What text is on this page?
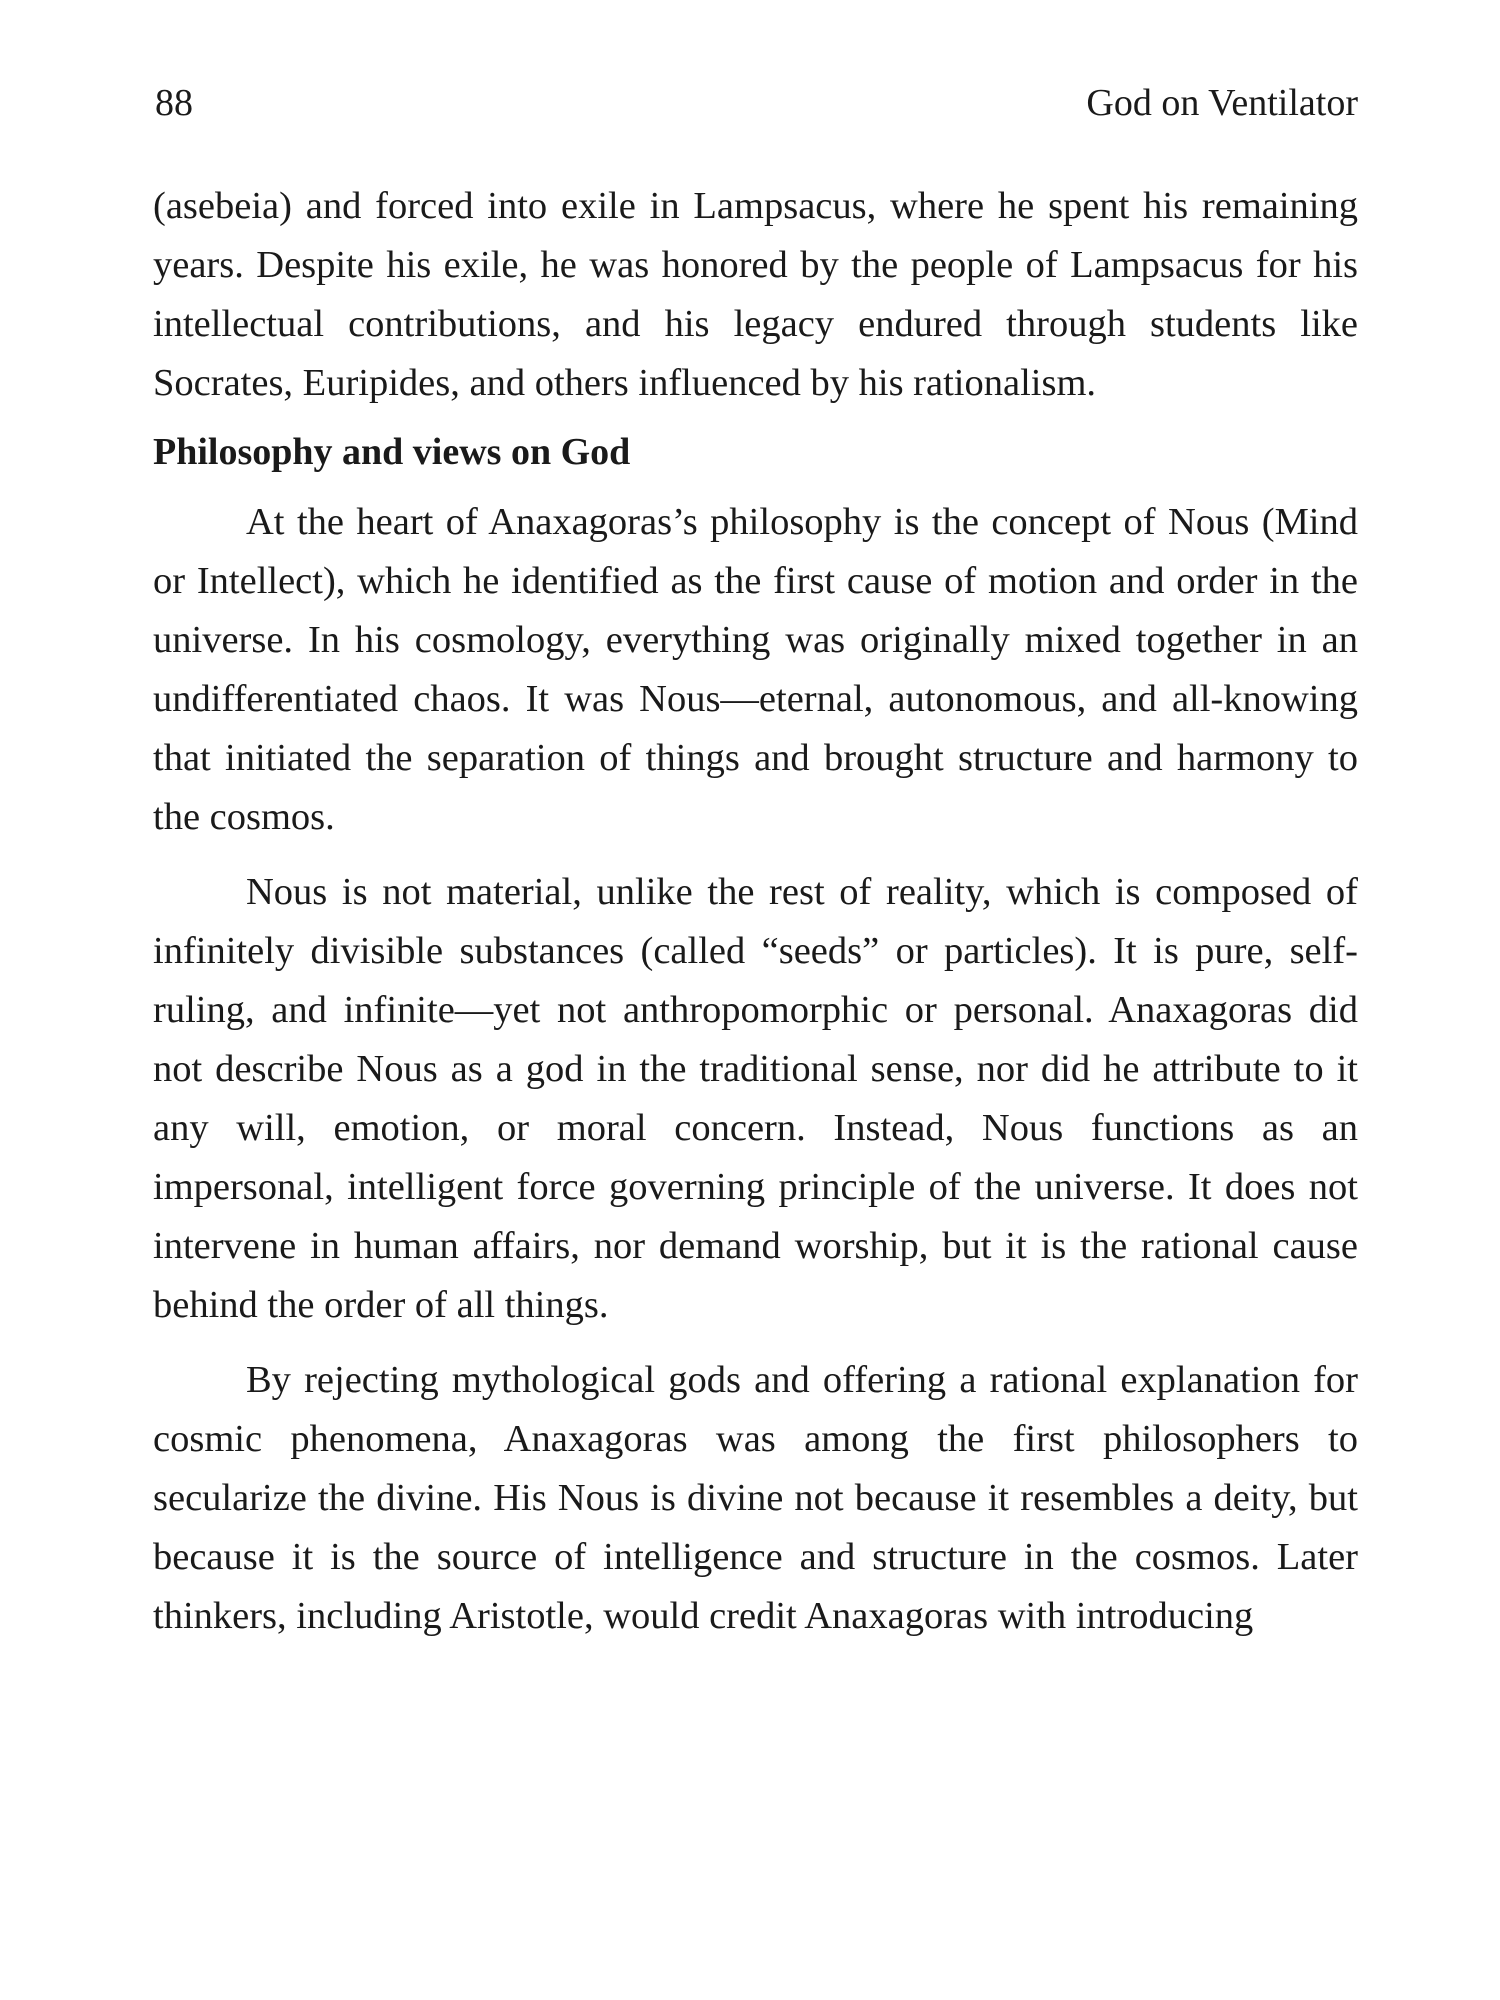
88	God on Ventilator

(asebeia) and forced into exile in Lampsacus, where he spent his remaining years. Despite his exile, he was honored by the people of Lampsacus for his intellectual contributions, and his legacy endured through students like Socrates, Euripides, and others influenced by his rationalism.

Philosophy and views on God

At the heart of Anaxagoras’s philosophy is the concept of Nous (Mind or Intellect), which he identified as the first cause of motion and order in the universe. In his cosmology, everything was originally mixed together in an undifferentiated chaos. It was Nous—eternal, autonomous, and all-knowing that initiated the separation of things and brought structure and harmony to the cosmos.

Nous is not material, unlike the rest of reality, which is composed of infinitely divisible substances (called “seeds” or particles). It is pure, self-ruling, and infinite—yet not anthropomorphic or personal. Anaxagoras did not describe Nous as a god in the traditional sense, nor did he attribute to it any will, emotion, or moral concern. Instead, Nous functions as an impersonal, intelligent force governing principle of the universe. It does not intervene in human affairs, nor demand worship, but it is the rational cause behind the order of all things.

By rejecting mythological gods and offering a rational explanation for cosmic phenomena, Anaxagoras was among the first philosophers to secularize the divine. His Nous is divine not because it resembles a deity, but because it is the source of intelligence and structure in the cosmos. Later thinkers, including Aristotle, would credit Anaxagoras with introducing
